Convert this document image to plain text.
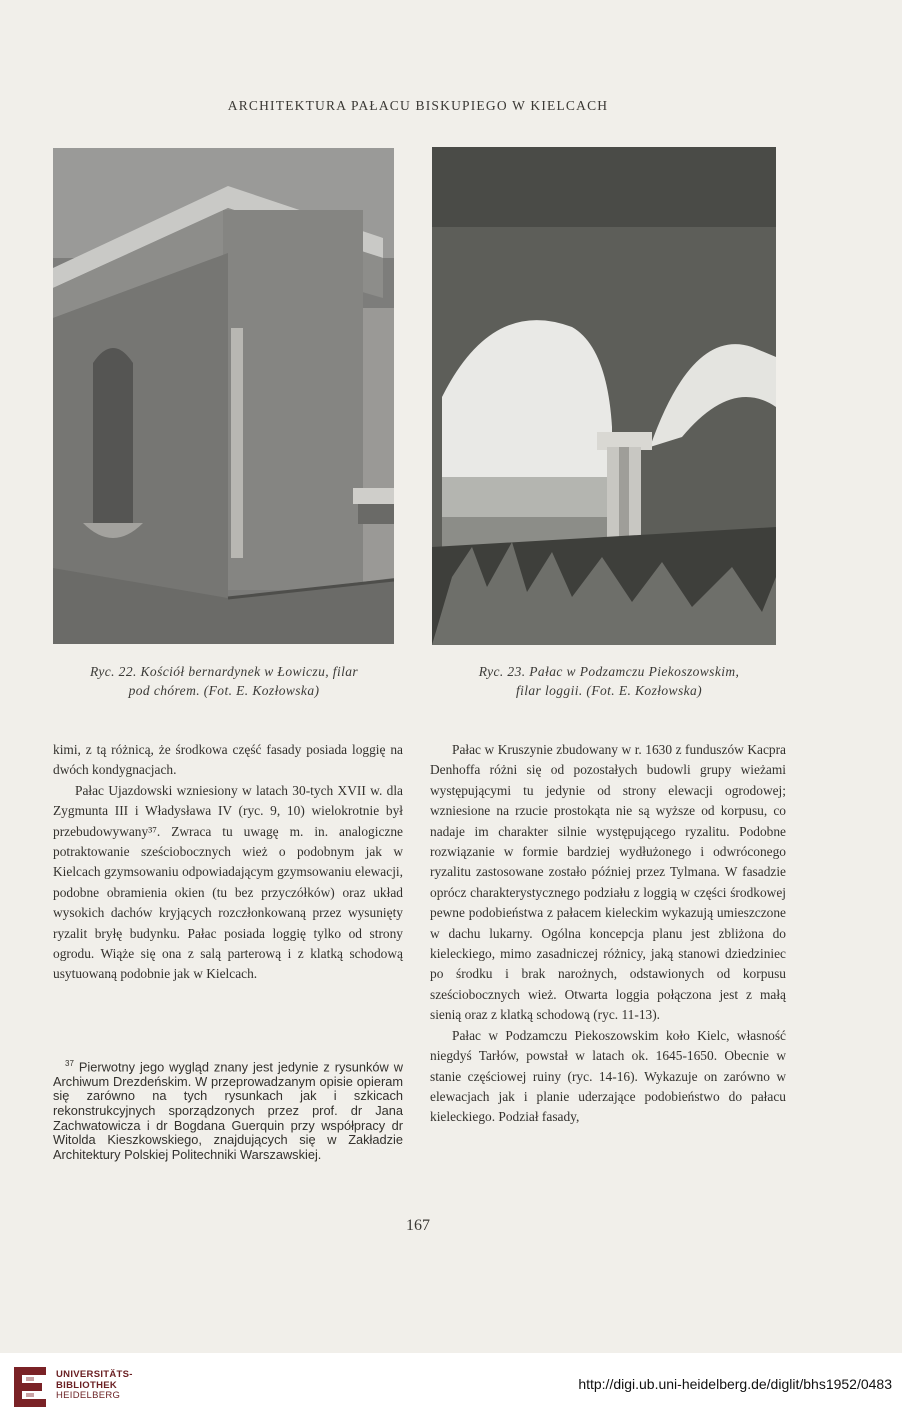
ARCHITEKTURA PAŁACU BISKUPIEGO W KIELCACH
Ryc. 22. Kościół bernardynek w Łowiczu, filar
pod chórem. (Fot. E. Kozłowska)
Ryc. 23. Pałac w Podzamczu Piekoszowskim,
filar loggii. (Fot. E. Kozłowska)

kimi, z tą różnicą, że środkowa część fasady posiada loggię na dwóch kondygnacjach.

Pałac Ujazdowski wzniesiony w latach 30-tych XVII w. dla Zygmunta III i Władysława IV (ryc. 9, 10) wielokrotnie był przebudowywany³⁷. Zwraca tu uwagę m. in. analogiczne potraktowanie sześciobocznych wież o podobnym jak w Kielcach gzymsowaniu odpowiadającym gzymsowaniu elewacji, podobne obramienia okien (tu bez przyczółków) oraz układ wysokich dachów kryjących rozczłonkowaną przez wysunięty ryzalit bryłę budynku. Pałac posiada loggię tylko od strony ogrodu. Wiąże się ona z salą parterową i z klatką schodową usytuowaną podobnie jak w Kielcach.

$^{37}$ Pierwotny jego wygląd znany jest jedynie z rysunków w Archiwum Drezdeńskim. W przeprowadzanym opisie opieram się zarówno na tych rysunkach jak i szkicach rekonstrukcyjnych sporządzonych przez prof. dr Jana Zachwatowicza i dr Bogdana Guerquin przy współpracy dr Witolda Kieszkowskiego, znajdujących się w Zakładzie Architektury Polskiej Politechniki Warszawskiej.

Pałac w Kruszynie zbudowany w r. 1630 z funduszów Kacpra Denhoffa różni się od pozostałych budowli grupy wieżami występującymi tu jedynie od strony elewacji ogrodowej; wzniesione na rzucie prostokąta nie są wyższe od korpusu, co nadaje im charakter silnie występującego ryzalitu. Podobne rozwiązanie w formie bardziej wydłużonego i odwróconego ryzalitu zastosowane zostało później przez Tylmana. W fasadzie oprócz charakterystycznego podziału z loggią w części środkowej pewne podobieństwa z pałacem kieleckim wykazują umieszczone w dachu lukarny. Ogólna koncepcja planu jest zbliżona do kieleckiego, mimo zasadniczej różnicy, jaką stanowi dziedziniec po środku i brak narożnych, odstawionych od korpusu sześciobocznych wież. Otwarta loggia połączona jest z małą sienią oraz z klatką schodową (ryc. 11-13).

Pałac w Podzamczu Piekoszowskim koło Kielc, własność niegdyś Tarłów, powstał w latach ok. 1645-1650. Obecnie w stanie częściowej ruiny (ryc. 14-16). Wykazuje on zarówno w elewacjach jak i planie uderzające podobieństwo do pałacu kieleckiego. Podział fasady,

167
UNIVERSITÄTS-
BIBLIOTHEK
HEIDELBERG
http://digi.ub.uni-heidelberg.de/diglit/bhs1952/0483
